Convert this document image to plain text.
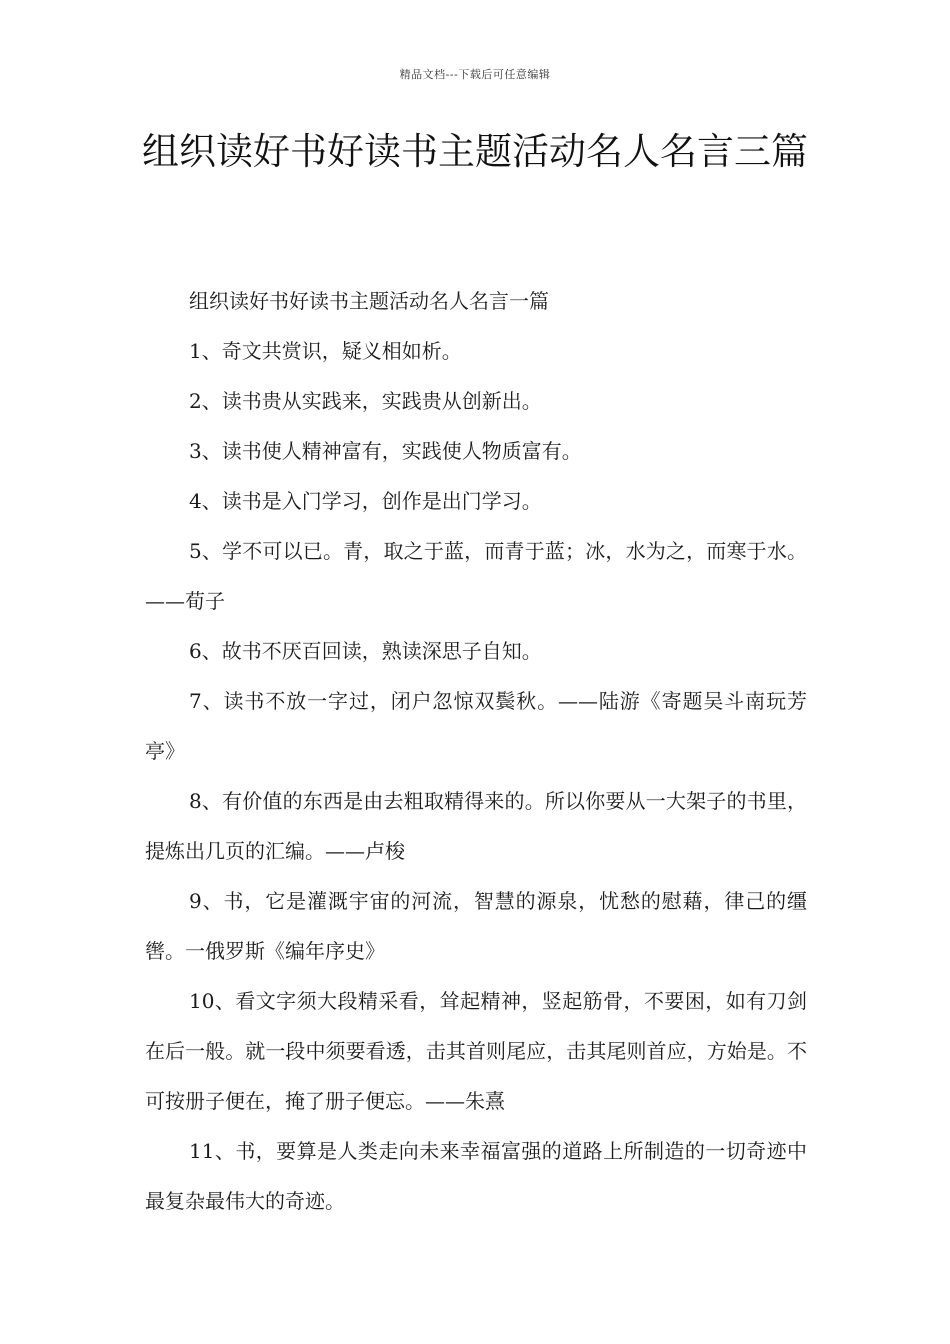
精品文档---下载后可任意编辑
组织读好书好读书主题活动名人名言三篇

组织读好书好读书主题活动名人名言一篇

1、奇文共赏识，疑义相如析。

2、读书贵从实践来，实践贵从创新出。

3、读书使人精神富有，实践使人物质富有。

4、读书是入门学习，创作是出门学习。

5、学不可以已。青，取之于蓝，而青于蓝；冰，水为之，而寒于水。——荀子

6、故书不厌百回读，熟读深思子自知。

7、读书不放一字过，闭户忽惊双鬓秋。——陆游《寄题吴斗南玩芳亭》

8、有价值的东西是由去粗取精得来的。所以你要从一大架子的书里，提炼出几页的汇编。——卢梭

9、书，它是灌溉宇宙的河流，智慧的源泉，忧愁的慰藉，律己的缰辔。一俄罗斯《编年序史》

10、看文字须大段精采看，耸起精神，竖起筋骨，不要困，如有刀剑在后一般。就一段中须要看透，击其首则尾应，击其尾则首应，方始是。不可按册子便在，掩了册子便忘。——朱熹

11、书，要算是人类走向未来幸福富强的道路上所制造的一切奇迹中最复杂最伟大的奇迹。
